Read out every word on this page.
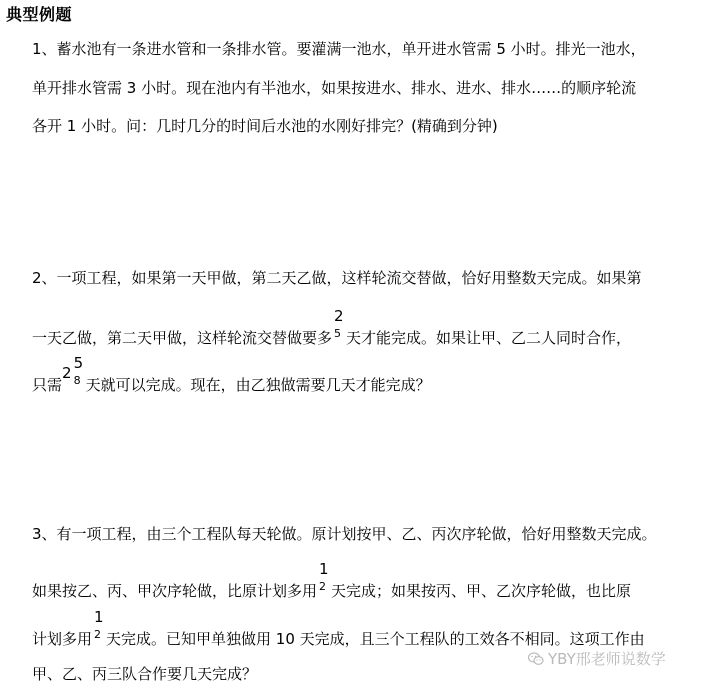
典型例题
1、蓄水池有一条进水管和一条排水管。要灌满一池水，单开进水管需 5 小时。排光一池水，
单开排水管需 3 小时。现在池内有半池水，如果按进水、排水、进水、排水……的顺序轮流
各开 1 小时。问：几时几分的时间后水池的水刚好排完？(精确到分钟)
2、一项工程，如果第一天甲做，第二天乙做，这样轮流交替做，恰好用整数天完成。如果第
一天乙做，第二天甲做，这样轮流交替做要多
2
5 天才能完成。如果让甲、乙二人同时合作，
只需2
5
8 天就可以完成。现在，由乙独做需要几天才能完成？
3、有一项工程，由三个工程队每天轮做。原计划按甲、乙、丙次序轮做，恰好用整数天完成。
如果按乙、丙、甲次序轮做，比原计划多用
1
2 天完成；如果按丙、甲、乙次序轮做，也比原
计划多用
1
2 天完成。已知甲单独做用 10 天完成，且三个工程队的工效各不相同。这项工作由
甲、乙、丙三队合作要几天完成？
YBY邢老师说数学
